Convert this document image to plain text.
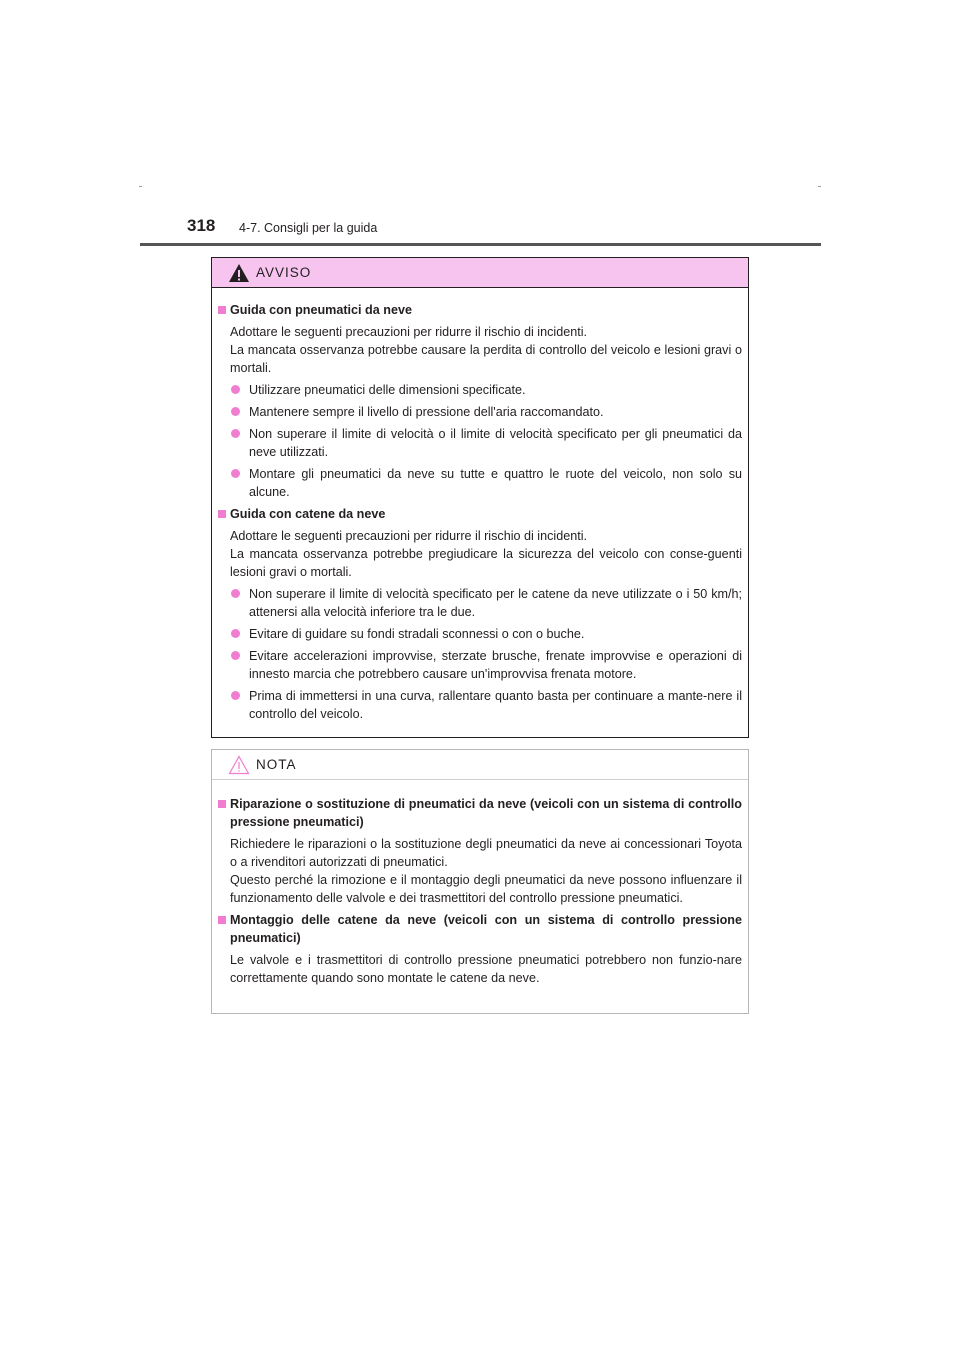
318 4-7. Consigli per la guida
AVVISO
Guida con pneumatici da neve
Adottare le seguenti precauzioni per ridurre il rischio di incidenti.
La mancata osservanza potrebbe causare la perdita di controllo del veicolo e lesioni gravi o mortali.
Utilizzare pneumatici delle dimensioni specificate.
Mantenere sempre il livello di pressione dell'aria raccomandato.
Non superare il limite di velocità o il limite di velocità specificato per gli pneumatici da neve utilizzati.
Montare gli pneumatici da neve su tutte e quattro le ruote del veicolo, non solo su alcune.
Guida con catene da neve
Adottare le seguenti precauzioni per ridurre il rischio di incidenti.
La mancata osservanza potrebbe pregiudicare la sicurezza del veicolo con conse-guenti lesioni gravi o mortali.
Non superare il limite di velocità specificato per le catene da neve utilizzate o i 50 km/h; attenersi alla velocità inferiore tra le due.
Evitare di guidare su fondi stradali sconnessi o con o buche.
Evitare accelerazioni improvvise, sterzate brusche, frenate improvvise e operazioni di innesto marcia che potrebbero causare un'improvvisa frenata motore.
Prima di immettersi in una curva, rallentare quanto basta per continuare a mante-nere il controllo del veicolo.
NOTA
Riparazione o sostituzione di pneumatici da neve (veicoli con un sistema di controllo pressione pneumatici)
Richiedere le riparazioni o la sostituzione degli pneumatici da neve ai concessionari Toyota o a rivenditori autorizzati di pneumatici.
Questo perché la rimozione e il montaggio degli pneumatici da neve possono influenzare il funzionamento delle valvole e dei trasmettitori del controllo pressione pneumatici.
Montaggio delle catene da neve (veicoli con un sistema di controllo pressione pneumatici)
Le valvole e i trasmettitori di controllo pressione pneumatici potrebbero non funzio-nare correttamente quando sono montate le catene da neve.
